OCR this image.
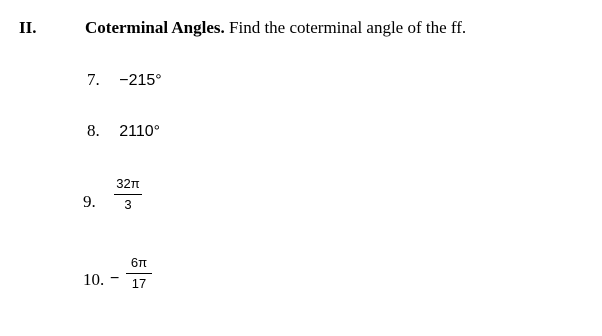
II.	Coterminal Angles. Find the coterminal angle of the ff.
7. −215°
8. 2110°
9.
32π
3
10. −
6π
17
